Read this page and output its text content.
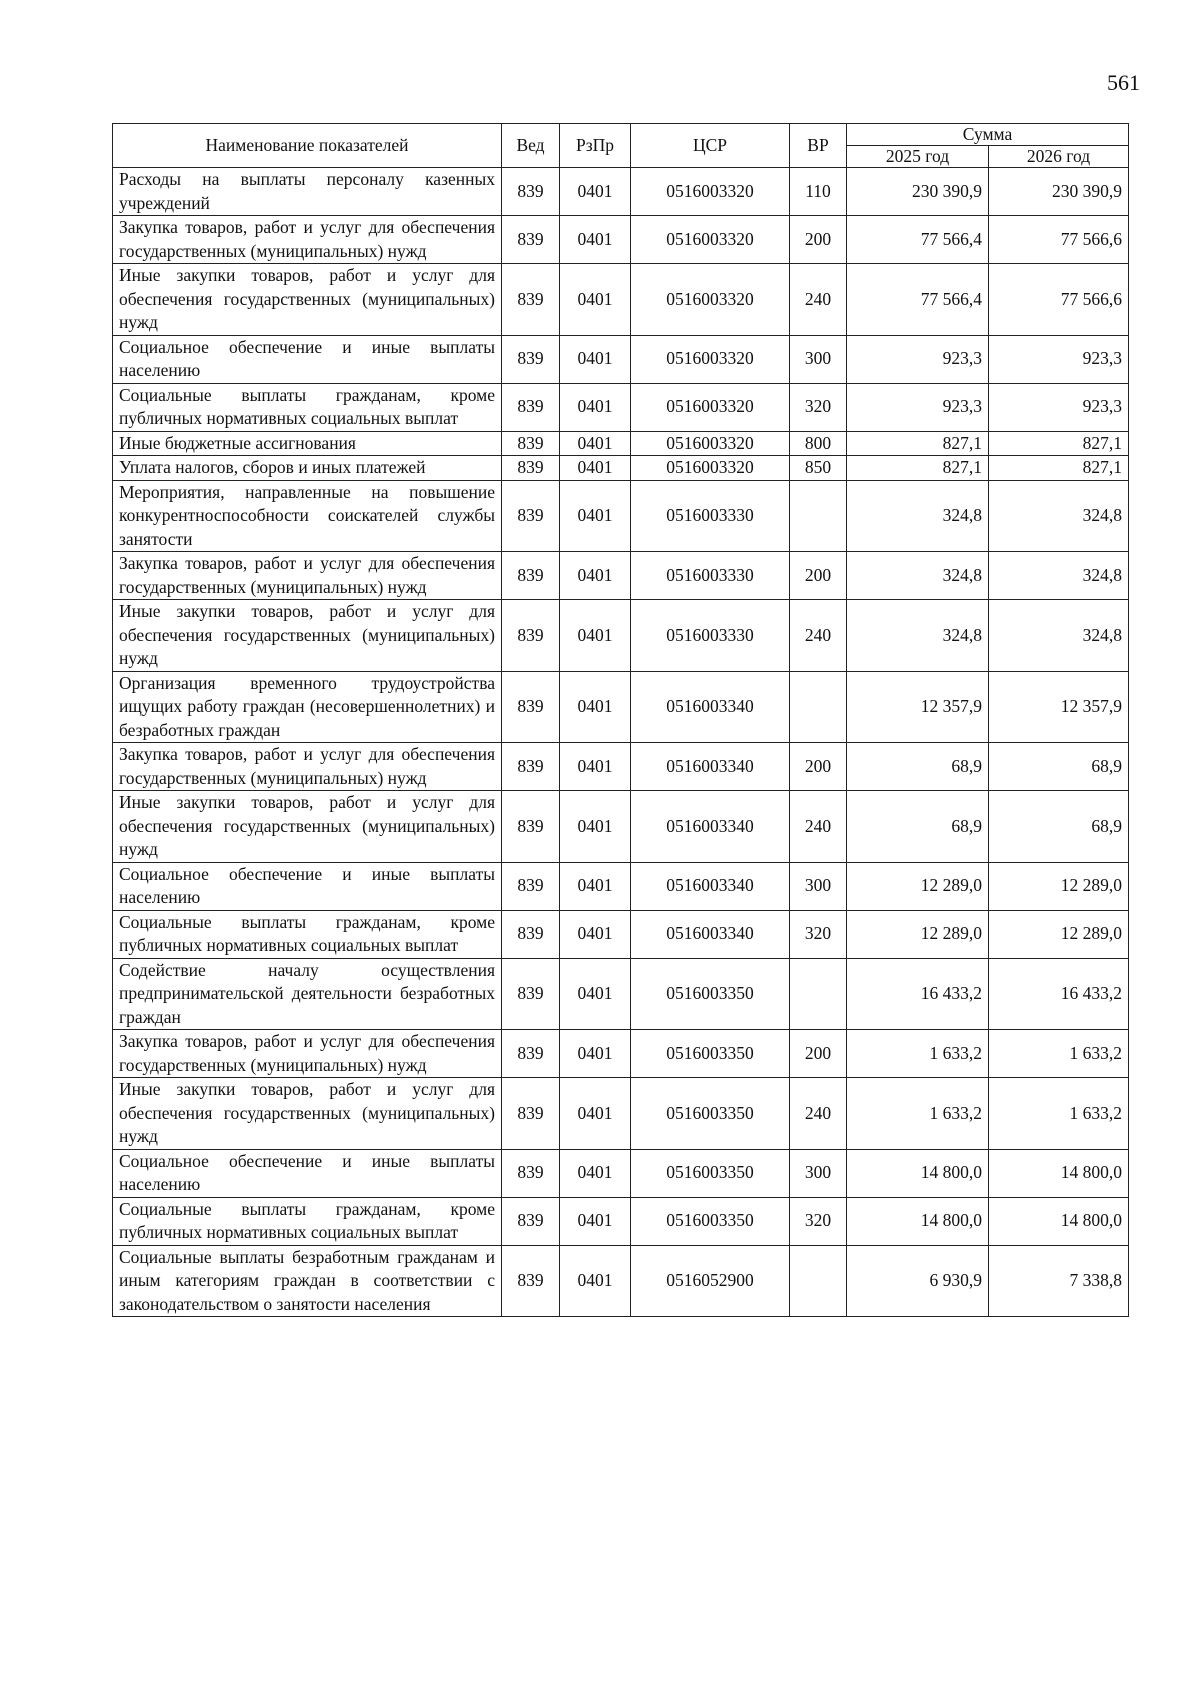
561
Наименование показателей	Вед	РзПр	ЦСР	ВР	Сумма	
					2025 год	2026 год
Расходы на выплаты персоналу казенных учреждений	839	0401	0516003320	110	230 390,9	230 390,9
Закупка товаров, работ и услуг для обеспечения государственных (муниципальных) нужд	839	0401	0516003320	200	77 566,4	77 566,6
Иные закупки товаров, работ и услуг для обеспечения государственных (муниципальных) нужд	839	0401	0516003320	240	77 566,4	77 566,6
Социальное обеспечение и иные выплаты населению	839	0401	0516003320	300	923,3	923,3
Социальные выплаты гражданам, кроме публичных нормативных социальных выплат	839	0401	0516003320	320	923,3	923,3
Иные бюджетные ассигнования	839	0401	0516003320	800	827,1	827,1
Уплата налогов, сборов и иных платежей	839	0401	0516003320	850	827,1	827,1
Мероприятия, направленные на повышение конкурентноспособности соискателей службы занятости	839	0401	0516003330		324,8	324,8
Закупка товаров, работ и услуг для обеспечения государственных (муниципальных) нужд	839	0401	0516003330	200	324,8	324,8
Иные закупки товаров, работ и услуг для обеспечения государственных (муниципальных) нужд	839	0401	0516003330	240	324,8	324,8
Организация временного трудоустройства ищущих работу граждан (несовершеннолетних) и безработных граждан	839	0401	0516003340		12 357,9	12 357,9
Закупка товаров, работ и услуг для обеспечения государственных (муниципальных) нужд	839	0401	0516003340	200	68,9	68,9
Иные закупки товаров, работ и услуг для обеспечения государственных (муниципальных) нужд	839	0401	0516003340	240	68,9	68,9
Социальное обеспечение и иные выплаты населению	839	0401	0516003340	300	12 289,0	12 289,0
Социальные выплаты гражданам, кроме публичных нормативных социальных выплат	839	0401	0516003340	320	12 289,0	12 289,0
Содействие началу осуществления предпринимательской деятельности безработных граждан	839	0401	0516003350		16 433,2	16 433,2
Закупка товаров, работ и услуг для обеспечения государственных (муниципальных) нужд	839	0401	0516003350	200	1 633,2	1 633,2
Иные закупки товаров, работ и услуг для обеспечения государственных (муниципальных) нужд	839	0401	0516003350	240	1 633,2	1 633,2
Социальное обеспечение и иные выплаты населению	839	0401	0516003350	300	14 800,0	14 800,0
Социальные выплаты гражданам, кроме публичных нормативных социальных выплат	839	0401	0516003350	320	14 800,0	14 800,0
Социальные выплаты безработным гражданам и иным категориям граждан в соответствии с законодательством о занятости населения	839	0401	0516052900		6 930,9	7 338,8
